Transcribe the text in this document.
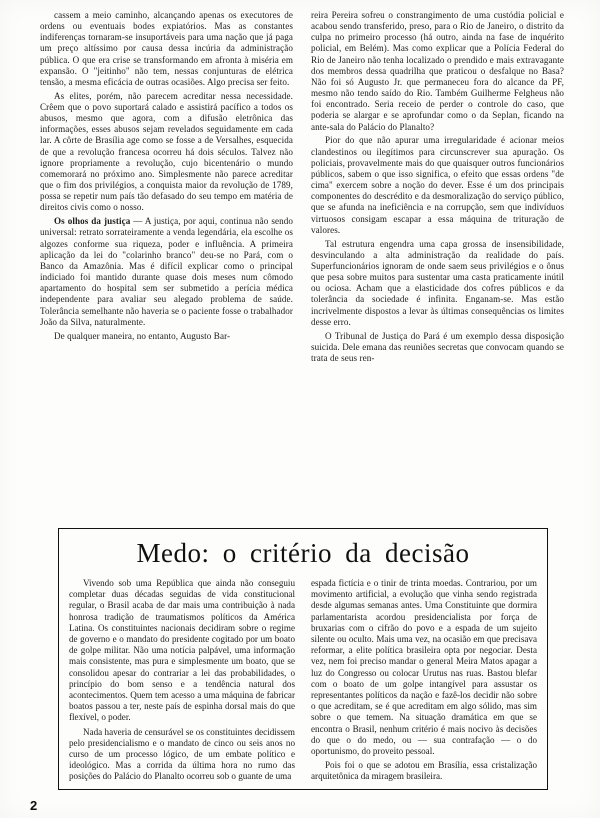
cassem a meio caminho, alcançando apenas os executores de ordens ou eventuais bodes expiatórios. Mas as constantes indiferenças tornaram-se insuportáveis para uma nação que já paga um preço altíssimo por causa dessa incúria da administração pública. O que era crise se transformando em afronta à miséria em expansão. O "jeitinho" não tem, nessas conjunturas de elétrica tensão, a mesma eficácia de outras ocasiões. Algo precisa ser feito.

As elites, porém, não parecem acreditar nessa necessidade. Crêem que o povo suportará calado e assistirá pacífico a todos os abusos, mesmo que agora, com a difusão eletrônica das informações, esses abusos sejam revelados seguidamente em cada lar. A côrte de Brasília age como se fosse a de Versalhes, esquecida de que a revolução francesa ocorreu há dois séculos. Talvez não ignore propriamente a revolução, cujo bicentenário o mundo comemorará no próximo ano. Simplesmente não parece acreditar que o fim dos privilégios, a conquista maior da revolução de 1789, possa se repetir num país tão defasado do seu tempo em matéria de direitos civis como o nosso.

Os olhos da justiça — A justiça, por aqui, continua não sendo universal: retrato sorrateiramente a venda legendária, ela escolhe os algozes conforme sua riqueza, poder e influência. A primeira aplicação da lei do "colarinho branco" deu-se no Pará, com o Banco da Amazônia. Mas é difícil explicar como o principal indiciado foi mantido durante quase dois meses num cômodo apartamento do hospital sem ser submetido a perícia médica independente para avaliar seu alegado problema de saúde. Tolerância semelhante não haveria se o paciente fosse o trabalhador João da Silva, naturalmente.

De qualquer maneira, no entanto, Augusto Bar-

reira Pereira sofreu o constrangimento de uma custódia policial e acabou sendo transferido, preso, para o Rio de Janeiro, o distrito da culpa no primeiro processo (há outro, ainda na fase de inquérito policial, em Belém). Mas como explicar que a Polícia Federal do Rio de Janeiro não tenha localizado o prendido e mais extravagante dos membros dessa quadrilha que praticou o desfalque no Basa? Não foi só Augusto Jr. que permaneceu fora do alcance da PF, mesmo não tendo saído do Rio. Também Guilherme Felgheus não foi encontrado. Seria receio de perder o controle do caso, que poderia se alargar e se aprofundar como o da Seplan, ficando na ante-sala do Palácio do Planalto?

Pior do que não apurar uma irregularidade é acionar meios clandestinos ou ilegítimos para circunscrever sua apuração. Os policiais, provavelmente mais do que quaisquer outros funcionários públicos, sabem o que isso significa, o efeito que essas ordens "de cima" exercem sobre a noção do dever. Esse é um dos principais componentes do descrédito e da desmoralização do serviço público, que se afunda na ineficiência e na corrupção, sem que indivíduos virtuosos consigam escapar a essa máquina de trituração de valores.

Tal estrutura engendra uma capa grossa de insensibilidade, desvinculando a alta administração da realidade do país. Superfuncionários ignoram de onde saem seus privilégios e o ônus que pesa sobre muitos para sustentar uma casta praticamente inútil ou ociosa. Acham que a elasticidade dos cofres públicos e da tolerância da sociedade é infinita. Enganam-se. Mas estão incrivelmente dispostos a levar às últimas consequências os limites desse erro.

O Tribunal de Justiça do Pará é um exemplo dessa disposição suicida. Dele emana das reuniões secretas que convocam quando se trata de seus ren-

Medo: o critério da decisão

Vivendo sob uma República que ainda não conseguiu completar duas décadas seguidas de vida constitucional regular, o Brasil acaba de dar mais uma contribuição à nada honrosa tradição de traumatismos políticos da América Latina. Os constituintes nacionais decidiram sobre o regime de governo e o mandato do presidente cogitado por um boato de golpe militar. Não uma notícia palpável, uma informação mais consistente, mas pura e simplesmente um boato, que se consolidou apesar do contrariar a lei das probabilidades, o princípio do bom senso e a tendência natural dos acontecimentos. Quem tem acesso a uma máquina de fabricar boatos passou a ter, neste país de espinha dorsal mais do que flexível, o poder.

Nada haveria de censurável se os constituintes decidissem pelo presidencialismo e o mandato de cinco ou seis anos no curso de um processo lógico, de um embate político e ideológico. Mas a corrida da última hora no rumo das posições do Palácio do Planalto ocorreu sob o guante de uma

espada fictícia e o tinir de trinta moedas. Contrariou, por um movimento artificial, a evolução que vinha sendo registrada desde algumas semanas antes. Uma Constituinte que dormira parlamentarista acordou presidencialista por força de bruxarias com o cifrão do povo e a espada de um sujeito silente ou oculto. Mais uma vez, na ocasião em que precisava reformar, a elite política brasileira opta por negociar. Desta vez, nem foi preciso mandar o general Meira Matos apagar a luz do Congresso ou colocar Urutus nas ruas. Bastou blefar com o boato de um golpe intangível para assustar os representantes políticos da nação e fazê-los decidir não sobre o que acreditam, se é que acreditam em algo sólido, mas sim sobre o que temem. Na situação dramática em que se encontra o Brasil, nenhum critério é mais nocivo às decisões do que o do medo, ou — sua contrafação — o do oportunismo, do proveito pessoal.

Pois foi o que se adotou em Brasília, essa cristalização arquitetônica da miragem brasileira.

2
